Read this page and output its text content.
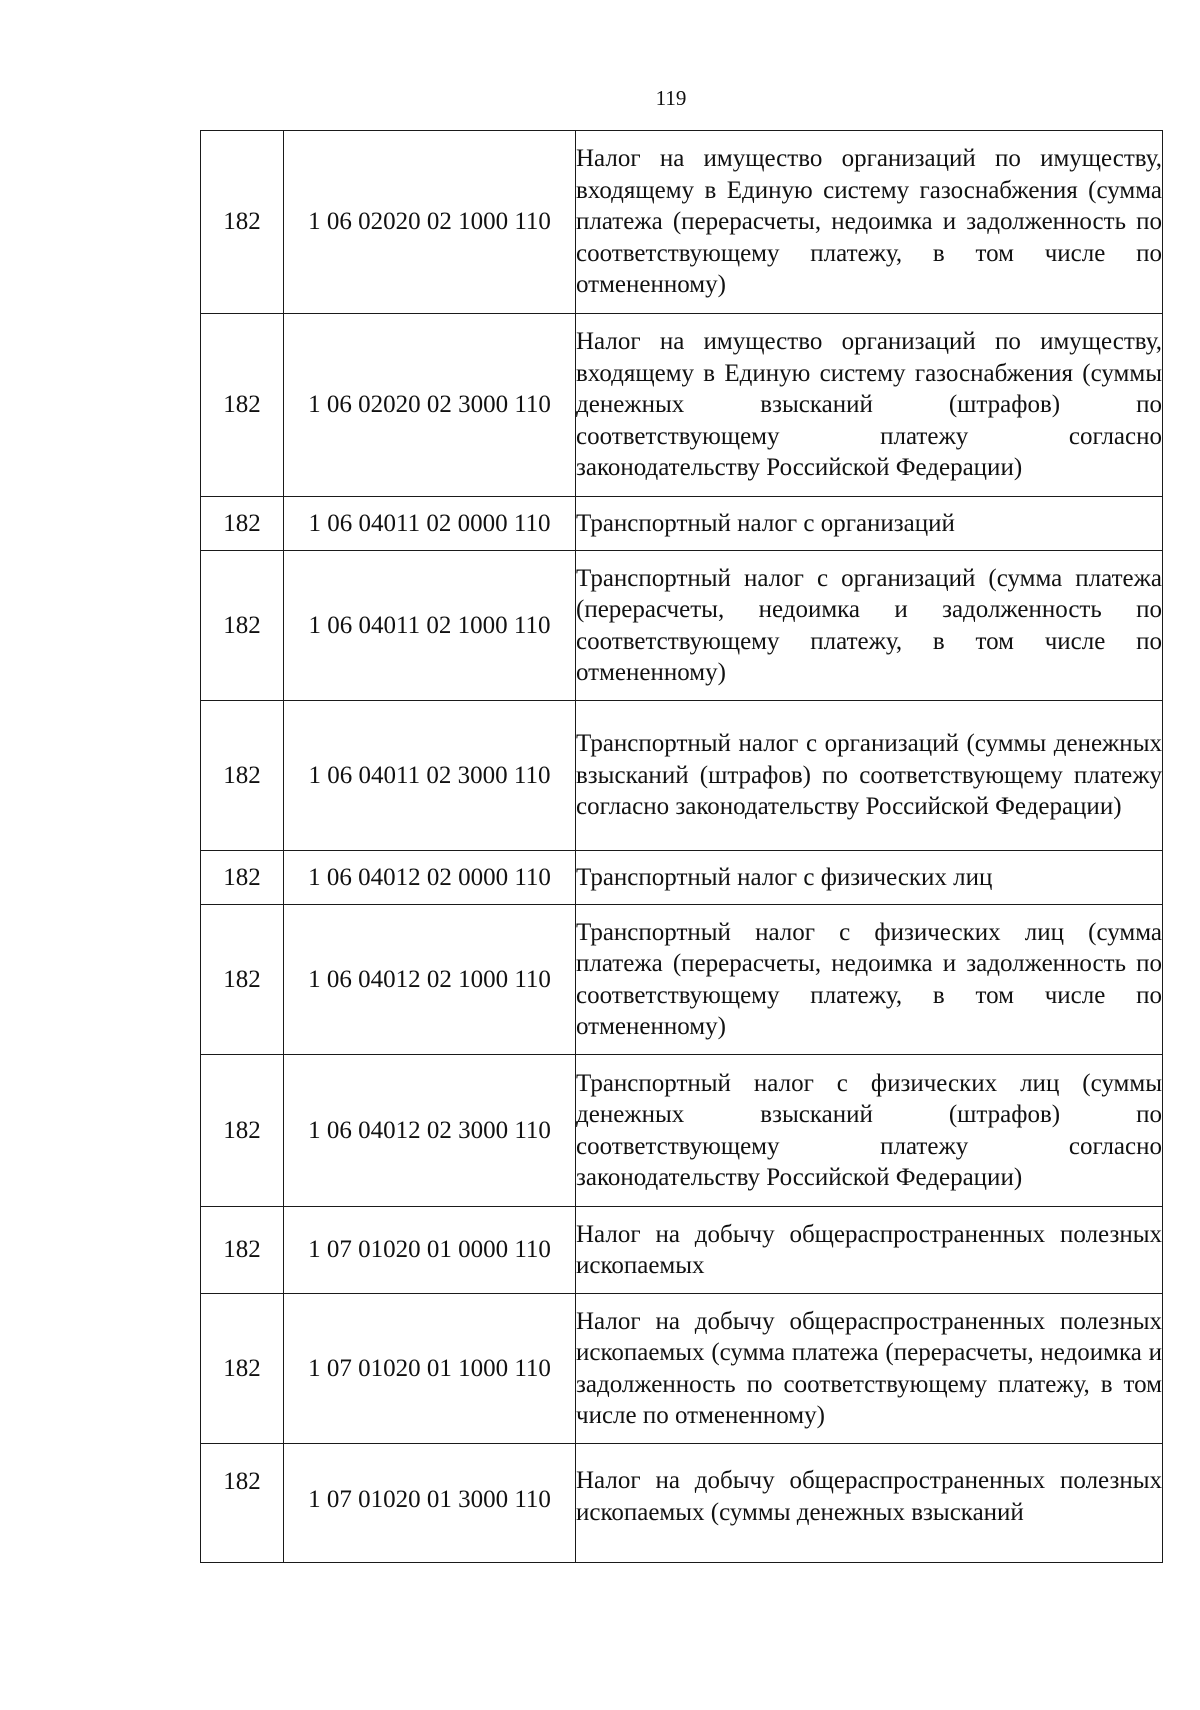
119
182	1 06 02020 02 1000 110	Налог на имущество организаций по имуществу, входящему в Единую систему газоснабжения (сумма платежа (перерасчеты, недоимка и задолженность по соответствующему платежу, в том числе по отмененному)
182	1 06 02020 02 3000 110	Налог на имущество организаций по имуществу, входящему в Единую систему газоснабжения (суммы денежных взысканий (штрафов) по соответствующему платежу согласно законодательству Российской Федерации)
182	1 06 04011 02 0000 110	Транспортный налог с организаций
182	1 06 04011 02 1000 110	Транспортный налог с организаций (сумма платежа (перерасчеты, недоимка и задолженность по соответствующему платежу, в том числе по отмененному)
182	1 06 04011 02 3000 110	Транспортный налог с организаций (суммы денежных взысканий (штрафов) по соответствующему платежу согласно законодательству Российской Федерации)
182	1 06 04012 02 0000 110	Транспортный налог с физических лиц
182	1 06 04012 02 1000 110	Транспортный налог с физических лиц (сумма платежа (перерасчеты, недоимка и задолженность по соответствующему платежу, в том числе по отмененному)
182	1 06 04012 02 3000 110	Транспортный налог с физических лиц (суммы денежных взысканий (штрафов) по соответствующему платежу согласно законодательству Российской Федерации)
182	1 07 01020 01 0000 110	Налог на добычу общераспространенных полезных ископаемых
182	1 07 01020 01 1000 110	Налог на добычу общераспространенных полезных ископаемых (сумма платежа (перерасчеты, недоимка и задолженность по соответствующему платежу, в том числе по отмененному)
182	1 07 01020 01 3000 110	Налог на добычу общераспространенных полезных ископаемых (суммы денежных взысканий
